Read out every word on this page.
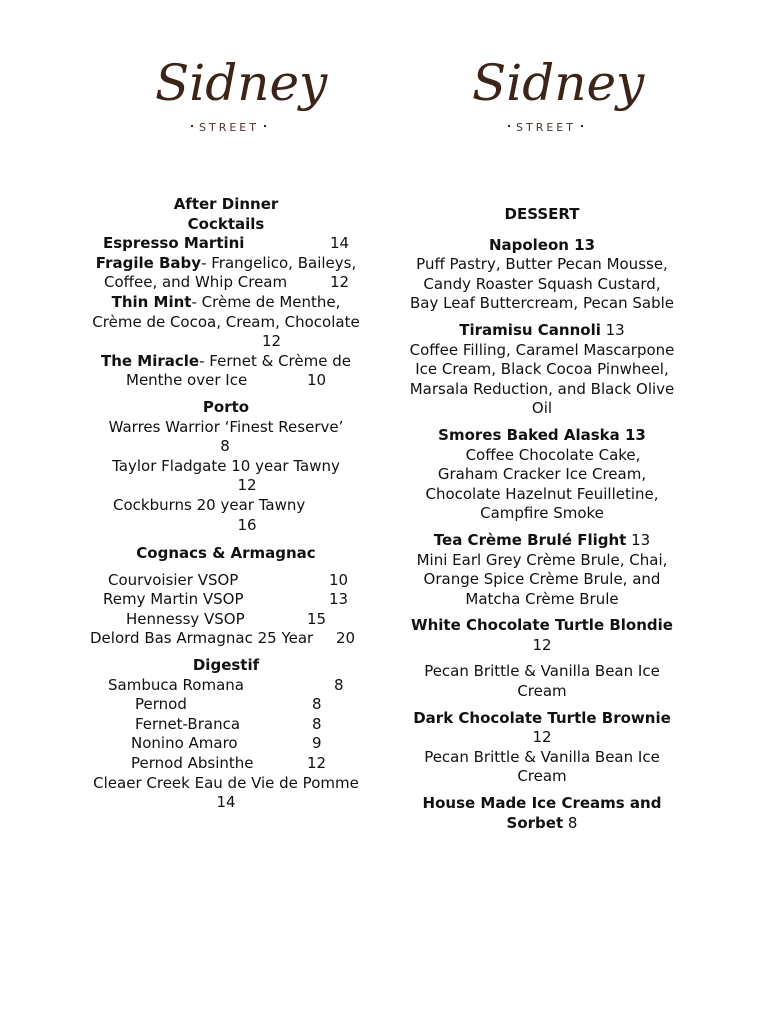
Sidney
STREET
Sidney
STREET
After Dinner
Cocktails
Espresso Martini	14
Fragile Baby- Frangelico, Baileys,
Coffee, and Whip Cream	12
Thin Mint- Crème de Menthe,
Crème de Cocoa, Cream, Chocolate
12
The Miracle- Fernet & Crème de
Menthe over Ice	10
Porto
Warres Warrior ‘Finest Reserve’
8
Taylor Fladgate 10 year Tawny
12
Cockburns 20 year Tawny
16
Cognacs & Armagnac
Courvoisier VSOP	10
Remy Martin VSOP	13
Hennessy VSOP	15
Delord Bas Armagnac 25 Year 20
Digestif
Sambuca Romana	8
Pernod	8
Fernet-Branca	8
Nonino Amaro	9
Pernod Absinthe	12
Cleaer Creek Eau de Vie de Pomme
14
DESSERT
Napoleon 13
Puff Pastry, Butter Pecan Mousse,
Candy Roaster Squash Custard,
Bay Leaf Buttercream, Pecan Sable
Tiramisu Cannoli 13
Coffee Filling, Caramel Mascarpone
Ice Cream, Black Cocoa Pinwheel,
Marsala Reduction, and Black Olive
Oil
Smores Baked Alaska 13
Coffee Chocolate Cake,
Graham Cracker Ice Cream,
Chocolate Hazelnut Feuilletine,
Campfire Smoke
Tea Crème Brulé Flight 13
Mini Earl Grey Crème Brule, Chai,
Orange Spice Crème Brule, and
Matcha Crème Brule
White Chocolate Turtle Blondie
12
Pecan Brittle & Vanilla Bean Ice
Cream
Dark Chocolate Turtle Brownie
12
Pecan Brittle & Vanilla Bean Ice
Cream
House Made Ice Creams and
Sorbet 8
